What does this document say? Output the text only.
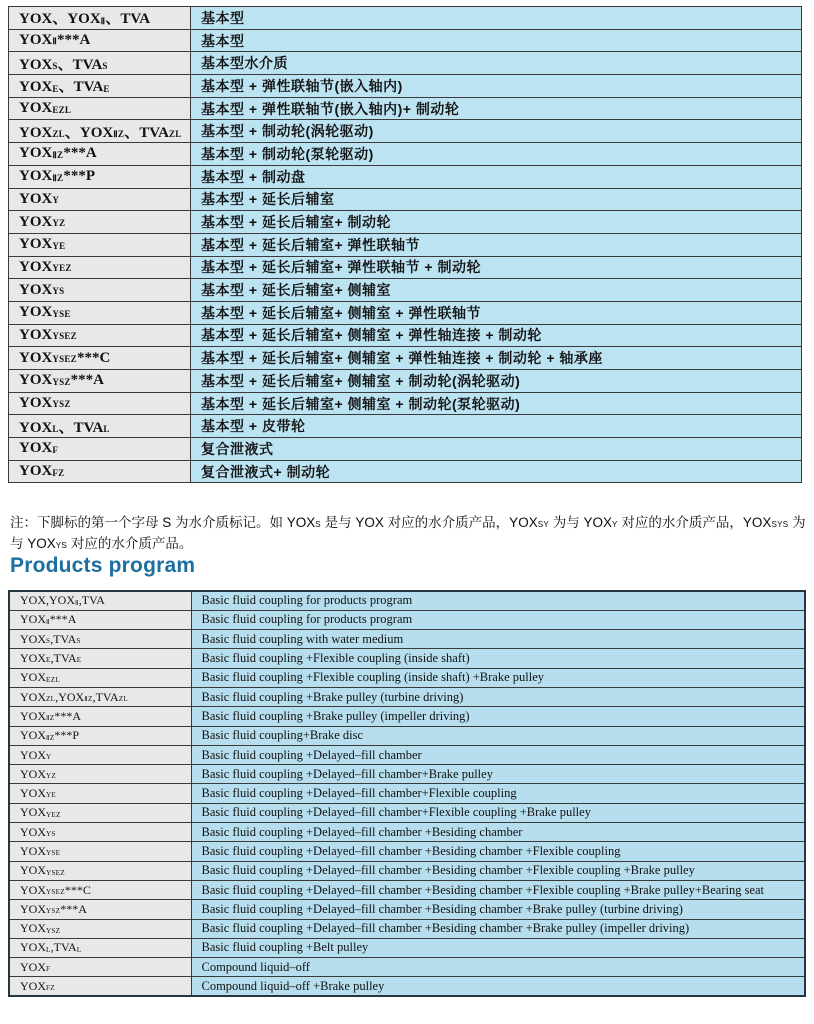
YOX、$YOX_Ⅱ$、TVA	基本型
$YOX_Ⅱ***A$	基本型
$YOX_S$、$TVA_S$	基本型水介质
$YOX_E$、$TVA_E$	基本型 + 弹性联轴节(嵌入轴内)
$YOX_{EZL}$	基本型 + 弹性联轴节(嵌入轴内)+ 制动轮
$YOX_{ZL}$、$YOX_{ⅡZ}$、$TVA_{ZL}$	基本型 + 制动轮(涡轮驱动)
$YOX_{ⅡZ}***A$	基本型 + 制动轮(泵轮驱动)
$YOX_{ⅡZ}***P$	基本型 + 制动盘
$YOX_Y$	基本型 + 延长后辅室
$YOX_{YZ}$	基本型 + 延长后辅室+ 制动轮
$YOX_{YE}$	基本型 + 延长后辅室+ 弹性联轴节
$YOX_{YEZ}$	基本型 + 延长后辅室+ 弹性联轴节 + 制动轮
$YOX_{YS}$	基本型 + 延长后辅室+ 侧辅室
$YOX_{YSE}$	基本型 + 延长后辅室+ 侧辅室 + 弹性联轴节
$YOX_{YSEZ}$	基本型 + 延长后辅室+ 侧辅室 + 弹性轴连接 + 制动轮
$YOX_{YSEZ}***C$	基本型 + 延长后辅室+ 侧辅室 + 弹性轴连接 + 制动轮 + 轴承座
$YOX_{YSZ}***A$	基本型 + 延长后辅室+ 侧辅室 + 制动轮(涡轮驱动)
$YOX_{YSZ}$	基本型 + 延长后辅室+ 侧辅室 + 制动轮(泵轮驱动)
$YOX_L$、$TVA_L$	基本型 + 皮带轮
$YOX_F$	复合泄液式
$YOX_{FZ}$	复合泄液式+ 制动轮

注：下脚标的第一个字母 S 为水介质标记。如 $YOX_S$ 是与 YOX 对应的水介质产品，$YOX_{SY}$ 为与 $YOX_Y$ 对应的水介质产品，$YOX_{SYS}$ 为与 $YOX_{YS}$ 对应的水介质产品。

Products program
$YOX,YOX_Ⅱ,TVA$	Basic fluid coupling for products program
$YOX_Ⅱ***A$	Basic fluid coupling for products program
$YOX_S,TVA_S$	Basic fluid coupling with water medium
$YOX_E,TVA_E$	Basic fluid coupling +Flexible coupling (inside shaft)
$YOX_{EZL}$	Basic fluid coupling +Flexible coupling (inside shaft) +Brake pulley
$YOX_{ZL},YOX_{ⅡZ},TVA_{ZL}$	Basic fluid coupling +Brake pulley (turbine driving)
$YOX_{ⅡZ}***A$	Basic fluid coupling +Brake pulley (impeller driving)
$YOX_{ⅡZ}***P$	Basic fluid coupling+Brake disc
$YOX_Y$	Basic fluid coupling +Delayed–fill chamber
$YOX_{YZ}$	Basic fluid coupling +Delayed–fill chamber+Brake pulley
$YOX_{YE}$	Basic fluid coupling +Delayed–fill chamber+Flexible coupling
$YOX_{YEZ}$	Basic fluid coupling +Delayed–fill chamber+Flexible coupling +Brake pulley
$YOX_{YS}$	Basic fluid coupling +Delayed–fill chamber +Besiding chamber
$YOX_{YSE}$	Basic fluid coupling +Delayed–fill chamber +Besiding chamber +Flexible coupling
$YOX_{YSEZ}$	Basic fluid coupling +Delayed–fill chamber +Besiding chamber +Flexible coupling +Brake pulley
$YOX_{YSEZ}***C$	Basic fluid coupling +Delayed–fill chamber +Besiding chamber +Flexible coupling +Brake pulley+Bearing seat
$YOX_{YSZ}***A$	Basic fluid coupling +Delayed–fill chamber +Besiding chamber +Brake pulley (turbine driving)
$YOX_{YSZ}$	Basic fluid coupling +Delayed–fill chamber +Besiding chamber +Brake pulley (impeller driving)
$YOX_L,TVA_L$	Basic fluid coupling +Belt pulley
$YOX_F$	Compound liquid–off
$YOX_{FZ}$	Compound liquid–off +Brake pulley
